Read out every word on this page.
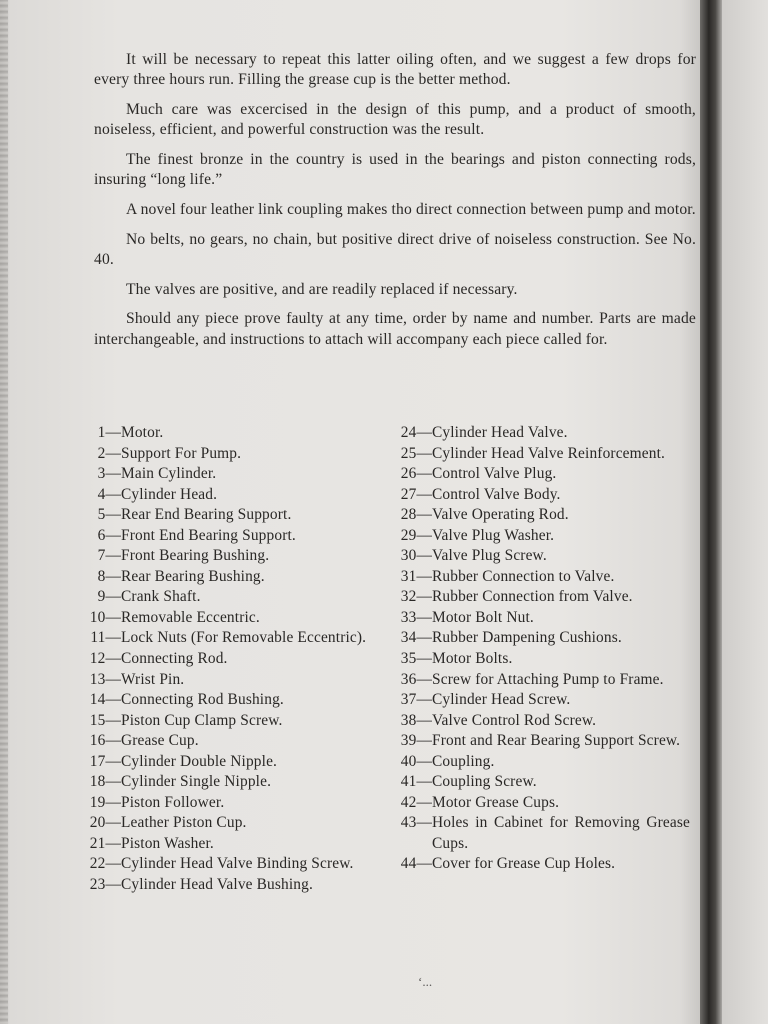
It will be necessary to repeat this latter oiling often, and we suggest a few drops for every three hours run. Filling the grease cup is the better method.

Much care was excercised in the design of this pump, and a product of smooth, noiseless, efficient, and powerful construction was the result.

The finest bronze in the country is used in the bearings and piston connecting rods, insuring “long life.”

A novel four leather link coupling makes tho direct connection between pump and motor.

No belts, no gears, no chain, but positive direct drive of noiseless construction. See No. 40.

The valves are positive, and are readily replaced if necessary.

Should any piece prove faulty at any time, order by name and number. Parts are made interchangeable, and instructions to attach will accompany each piece called for.

1— Motor.
2— Support For Pump.
3— Main Cylinder.
4— Cylinder Head.
5— Rear End Bearing Support.
6— Front End Bearing Support.
7— Front Bearing Bushing.
8— Rear Bearing Bushing.
9— Crank Shaft.
10— Removable Eccentric.
11— Lock Nuts (For Removable Eccentric).
12— Connecting Rod.
13— Wrist Pin.
14— Connecting Rod Bushing.
15— Piston Cup Clamp Screw.
16— Grease Cup.
17— Cylinder Double Nipple.
18— Cylinder Single Nipple.
19— Piston Follower.
20— Leather Piston Cup.
21— Piston Washer.
22— Cylinder Head Valve Binding Screw.
23— Cylinder Head Valve Bushing.
24— Cylinder Head Valve.
25— Cylinder Head Valve Reinforcement.
26— Control Valve Plug.
27— Control Valve Body.
28— Valve Operating Rod.
29— Valve Plug Washer.
30— Valve Plug Screw.
31— Rubber Connection to Valve.
32— Rubber Connection from Valve.
33— Motor Bolt Nut.
34— Rubber Dampening Cushions.
35— Motor Bolts.
36— Screw for Attaching Pump to Frame.
37— Cylinder Head Screw.
38— Valve Control Rod Screw.
39— Front and Rear Bearing Support Screw.
40— Coupling.
41— Coupling Screw.
42— Motor Grease Cups.
43— Holes in Cabinet for Removing Grease Cups.
44— Cover for Grease Cup Holes.
‘...
